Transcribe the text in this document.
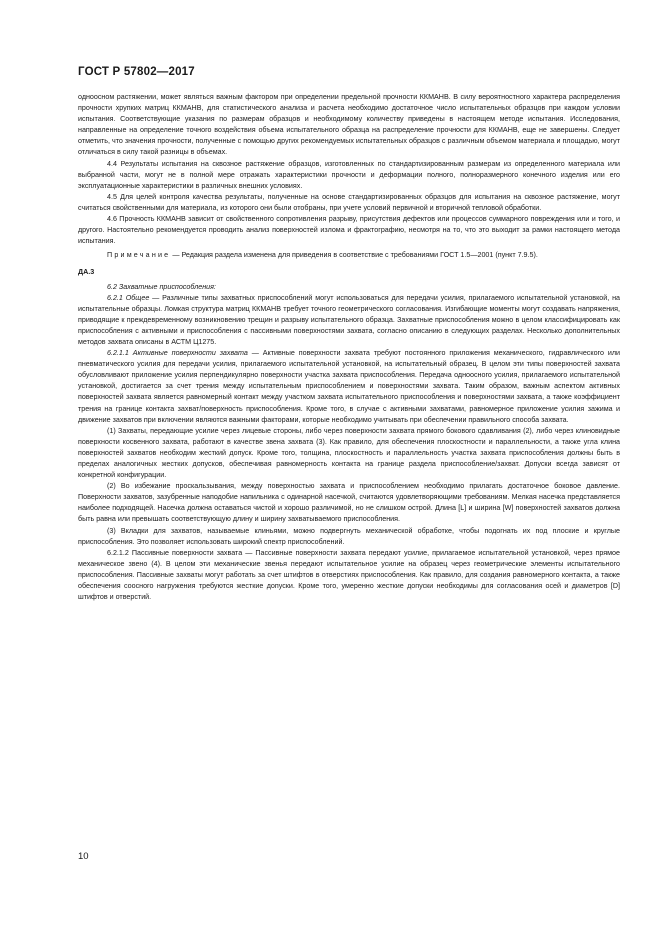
ГОСТ Р 57802—2017

одноосном растяжении, может являться важным фактором при определении предельной прочности ККМАНВ. В силу вероятностного характера распределения прочности хрупких матриц ККМАНВ, для статистического анализа и расчета необходимо достаточное число испытательных образцов при каждом условии испытания. Соответствующие указания по размерам образцов и необходимому количеству приведены в настоящем методе испытания. Исследования, направленные на определение точного воздействия объема испытательного образца на распределение прочности для ККМАНВ, еще не завершены. Следует отметить, что значения прочности, полученные с помощью других рекомендуемых испытательных образцов с различным объемом материала и площадью, могут отличаться в силу такой разницы в объемах.

4.4 Результаты испытания на сквозное растяжение образцов, изготовленных по стандартизированным размерам из определенного материала или выбранной части, могут не в полной мере отражать характеристики прочности и деформации полного, полноразмерного конечного изделия или его эксплуатационные характеристики в различных внешних условиях.

4.5 Для целей контроля качества результаты, полученные на основе стандартизированных образцов для испытания на сквозное растяжение, могут считаться свойственными для материала, из которого они были отобраны, при учете условий первичной и вторичной тепловой обработки.

4.6 Прочность ККМАНВ зависит от свойственного сопротивления разрыву, присутствия дефектов или процессов суммарного повреждения или и того, и другого. Настоятельно рекомендуется проводить анализ поверхностей излома и фрактографию, несмотря на то, что это выходит за рамки настоящего метода испытания.

Примечание — Редакция раздела изменена для приведения в соответствие с требованиями ГОСТ 1.5—2001 (пункт 7.9.5).

ДА.3

6.2 Захватные приспособления:

6.2.1 Общее — Различные типы захватных приспособлений могут использоваться для передачи усилия, прилагаемого испытательной установкой, на испытательные образцы. Ломкая структура матриц ККМАНВ требует точного геометрического согласования. Изгибающие моменты могут создавать напряжения, приводящие к преждевременному возникновению трещин и разрыву испытательного образца. Захватные приспособления можно в целом классифицировать как приспособления с активными и приспособления с пассивными поверхностями захвата, согласно описанию в следующих разделах. Несколько дополнительных методов захвата описаны в АСТМ Ц1275.

6.2.1.1 Активные поверхности захвата — Активные поверхности захвата требуют постоянного приложения механического, гидравлического или пневматического усилия для передачи усилия, прилагаемого испытательной установкой, на испытательный образец. В целом эти типы поверхностей захвата обусловливают приложение усилия перпендикулярно поверхности участка захвата приспособления. Передача одноосного усилия, прилагаемого испытательной установкой, достигается за счет трения между испытательным приспособлением и поверхностями захвата. Таким образом, важным аспектом активных поверхностей захвата является равномерный контакт между участком захвата испытательного приспособления и поверхностями захвата, а также коэффициент трения на границе контакта захват/поверхность приспособления. Кроме того, в случае с активными захватами, равномерное приложение усилия зажима и движение захватов при включении являются важными факторами, которые необходимо учитывать при обеспечении правильного способа захвата.

(1) Захваты, передающие усилие через лицевые стороны, либо через поверхности захвата прямого бокового сдавливания (2), либо через клиновидные поверхности косвенного захвата, работают в качестве звена захвата (3). Как правило, для обеспечения плоскостности и параллельности, а также угла клина поверхностей захватов необходим жесткий допуск. Кроме того, толщина, плоскостность и параллельность участка захвата приспособления должны быть в пределах аналогичных жестких допусков, обеспечивая равномерность контакта на границе раздела приспособление/захват. Допуски всегда зависят от конкретной конфигурации.

(2) Во избежание проскальзывания, между поверхностью захвата и приспособлением необходимо прилагать достаточное боковое давление. Поверхности захватов, зазубренные наподобие напильника с одинарной насечкой, считаются удовлетворяющими требованиям. Мелкая насечка представляется наиболее подходящей. Насечка должна оставаться чистой и хорошо различимой, но не слишком острой. Длина [L] и ширина [W] поверхностей захватов должна быть равна или превышать соответствующую длину и ширину захватываемого приспособления.

(3) Вкладки для захватов, называемые клиньями, можно подвергнуть механической обработке, чтобы подогнать их под плоские и круглые приспособления. Это позволяет использовать широкий спектр приспособлений.

6.2.1.2 Пассивные поверхности захвата — Пассивные поверхности захвата передают усилие, прилагаемое испытательной установкой, через прямое механическое звено (4). В целом эти механические звенья передают испытательное усилие на образец через геометрические элементы испытательного приспособления. Пассивные захваты могут работать за счет штифтов в отверстиях приспособления. Как правило, для создания равномерного контакта, а также обеспечения соосного нагружения требуются жесткие допуски. Кроме того, умеренно жесткие допуски необходимы для согласования осей и диаметров [D] штифтов и отверстий.

10
